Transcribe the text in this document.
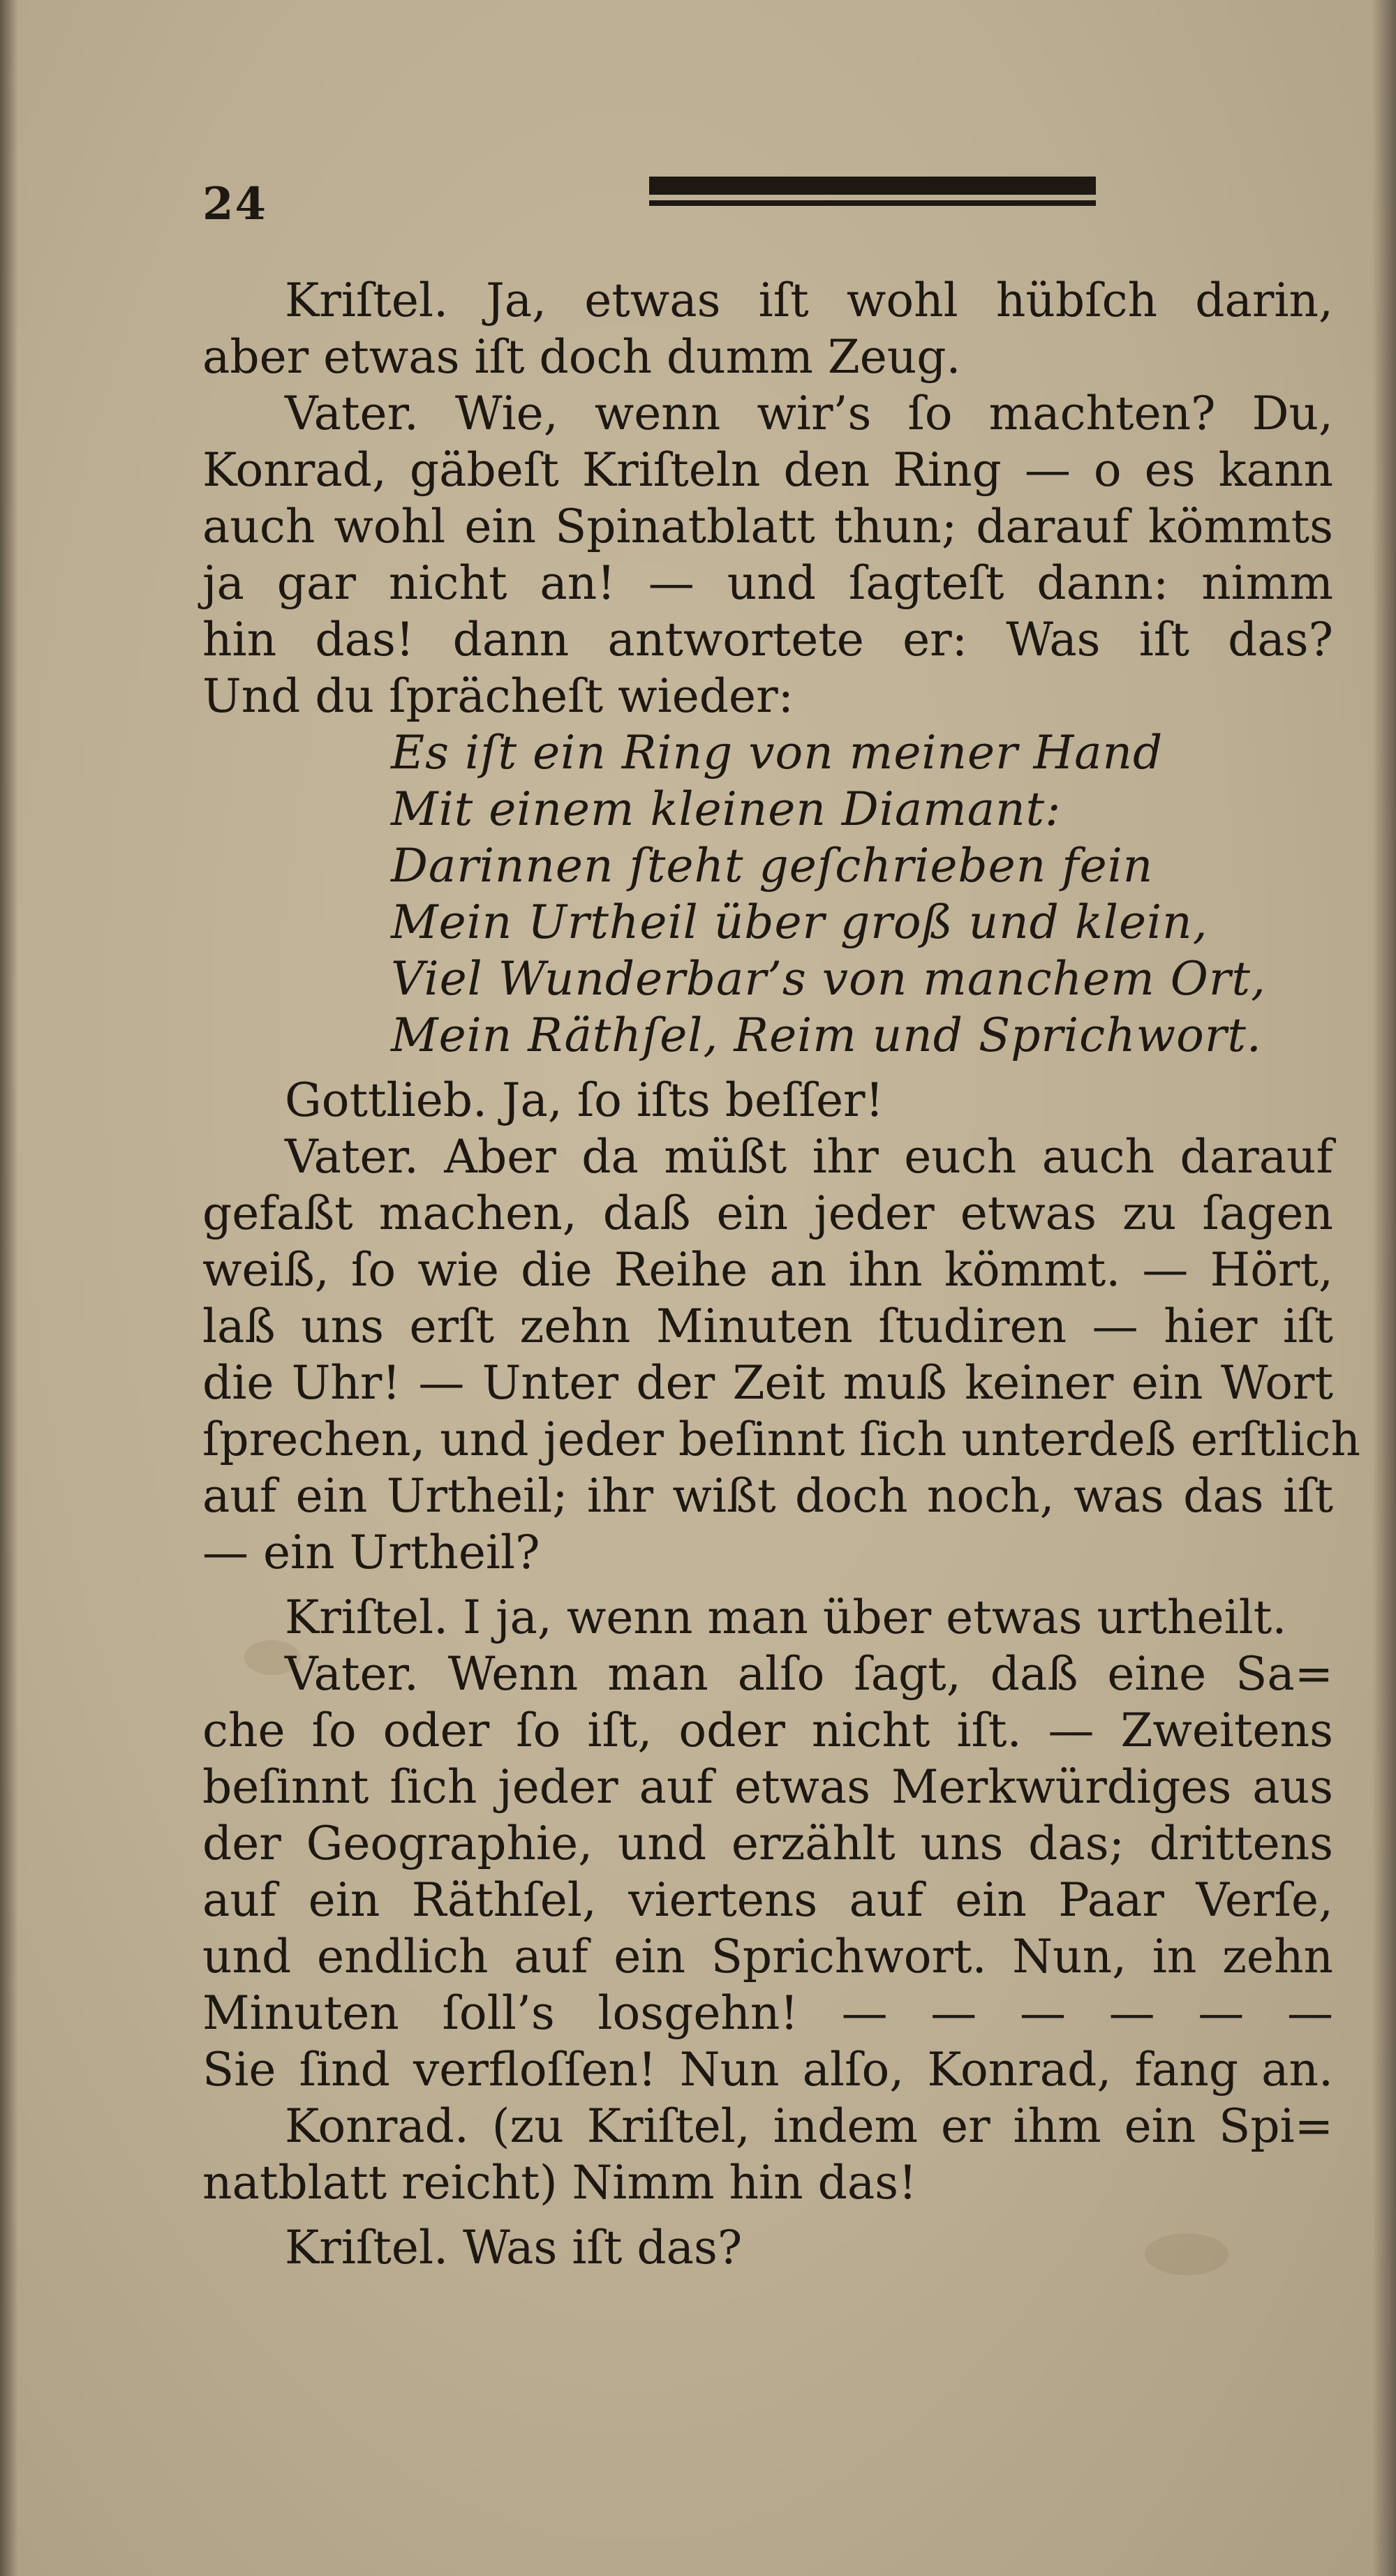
24
Kriſtel. Ja, etwas iſt wohl hübſch darin,
aber etwas iſt doch dumm Zeug.
Vater. Wie, wenn wir’s ſo machten? Du,
Konrad, gäbeſt Kriſteln den Ring — o es kann
auch wohl ein Spinatblatt thun; darauf kömmts
ja gar nicht an! — und ſagteſt dann: nimm
hin das! dann antwortete er: Was iſt das?
Und du ſprächeſt wieder:
Es iſt ein Ring von meiner Hand
Mit einem kleinen Diamant:
Darinnen ſteht geſchrieben fein
Mein Urtheil über groß und klein,
Viel Wunderbar’s von manchem Ort,
Mein Räthſel, Reim und Sprichwort.
Gottlieb. Ja, ſo iſts beſſer!
Vater. Aber da müßt ihr euch auch darauf
gefaßt machen, daß ein jeder etwas zu ſagen
weiß, ſo wie die Reihe an ihn kömmt. — Hört,
laß uns erſt zehn Minuten ſtudiren — hier iſt
die Uhr! — Unter der Zeit muß keiner ein Wort
ſprechen, und jeder beſinnt ſich unterdeß erſtlich
auf ein Urtheil; ihr wißt doch noch, was das iſt
— ein Urtheil?
Kriſtel. I ja, wenn man über etwas urtheilt.
Vater. Wenn man alſo ſagt, daß eine Sa=
che ſo oder ſo iſt, oder nicht iſt. — Zweitens
beſinnt ſich jeder auf etwas Merkwürdiges aus
der Geographie, und erzählt uns das; drittens
auf ein Räthſel, viertens auf ein Paar Verſe,
und endlich auf ein Sprichwort. Nun, in zehn
Minuten ſoll’s losgehn! — — — — — —
Sie ſind verfloſſen! Nun alſo, Konrad, fang an.
Konrad. (zu Kriſtel, indem er ihm ein Spi=
natblatt reicht) Nimm hin das!
Kriſtel. Was iſt das?
